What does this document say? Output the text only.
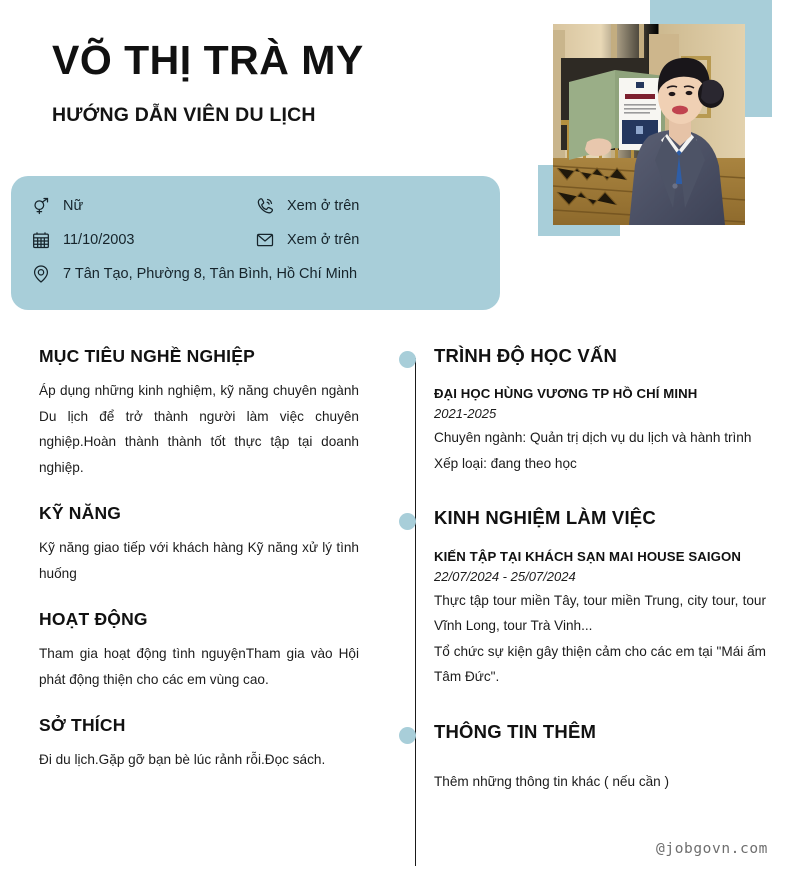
VÕ THỊ TRÀ MY
HƯỚNG DẪN VIÊN DU LỊCH
Nữ
11/10/2003
7 Tân Tạo, Phường 8, Tân Bình, Hồ Chí Minh
Xem ở trên
Xem ở trên
MỤC TIÊU NGHỀ NGHIỆP

Áp dụng những kinh nghiệm, kỹ năng chuyên ngành Du lịch để trở thành người làm việc chuyên nghiệp.Hoàn thành thành tốt thực tập tại doanh nghiệp.

KỸ NĂNG

Kỹ năng giao tiếp với khách hàng Kỹ năng xử lý tình huống

HOẠT ĐỘNG

Tham gia hoạt động tình nguyệnTham gia vào Hội phát động thiện cho các em vùng cao.

SỞ THÍCH

Đi du lịch.Gặp gỡ bạn bè lúc rảnh rỗi.Đọc sách.

TRÌNH ĐỘ HỌC VẤN

ĐẠI HỌC HÙNG VƯƠNG TP HỒ CHÍ MINH

2021-2025

Chuyên ngành: Quản trị dịch vụ du lịch và hành trình

Xếp loại: đang theo học

KINH NGHIỆM LÀM VIỆC

KIẾN TẬP TẠI KHÁCH SẠN MAI HOUSE SAIGON

22/07/2024 - 25/07/2024

Thực tập tour miền Tây, tour miền Trung, city tour, tour Vĩnh Long, tour Trà Vinh...

Tổ chức sự kiện gây thiện cảm cho các em tại "Mái ấm Tâm Đức".

THÔNG TIN THÊM

Thêm những thông tin khác ( nếu cần )

@jobgovn.com
